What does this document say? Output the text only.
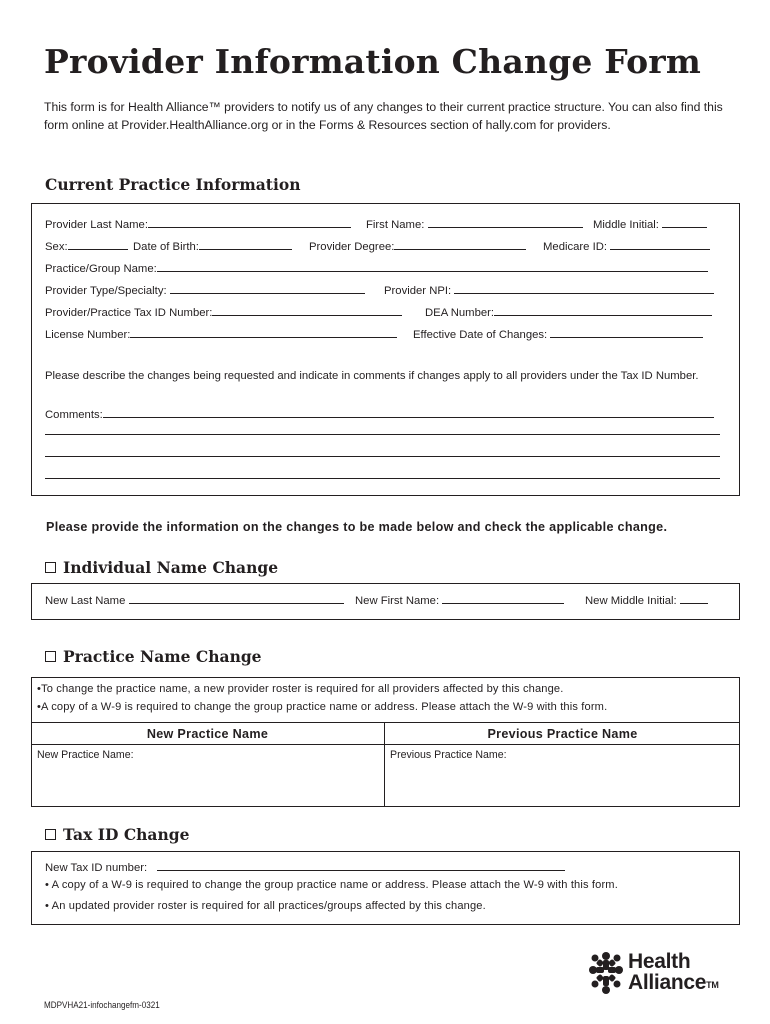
Provider Information Change Form
This form is for Health Alliance™ providers to notify us of any changes to their current practice structure. You can also find this form online at Provider.HealthAlliance.org or in the Forms & Resources section of hally.com for providers.
Current Practice Information
Provider Last Name:	First Name:	Middle Initial:
Sex:	Date of Birth:	Provider Degree:	Medicare ID:
Practice/Group Name:
Provider Type/Specialty:	Provider NPI:
Provider/Practice Tax ID Number:	DEA Number:
License Number:	Effective Date of Changes:
Please describe the changes being requested and indicate in comments if changes apply to all providers under the Tax ID Number.
Comments:
Please provide the information on the changes to be made below and check the applicable change.
Individual Name Change
New Last Name	New First Name:	New Middle Initial:
Practice Name Change
•To change the practice name, a new provider roster is required for all providers affected by this change.
•A copy of a W-9 is required to change the group practice name or address. Please attach the W-9 with this form.
New Practice Name	Previous Practice Name
New Practice Name:	Previous Practice Name:
Tax ID Change
New Tax ID number:
• A copy of a W-9 is required to change the group practice name or address. Please attach the W-9 with this form.
• An updated provider roster is required for all practices/groups affected by this change.
Health
AllianceTM
MDPVHA21-infochangefm-0321
